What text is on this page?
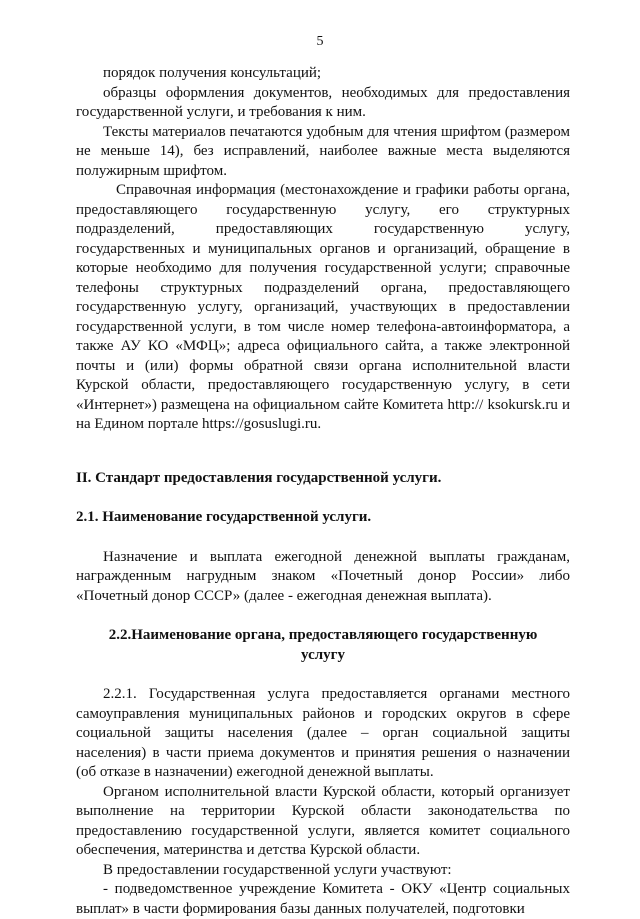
5

порядок получения консультаций;

образцы оформления документов, необходимых для предоставления государственной услуги, и требования к ним.

Тексты материалов печатаются удобным для чтения шрифтом (размером не меньше 14), без исправлений, наиболее важные места выделяются полужирным шрифтом.

Справочная информация (местонахождение и графики работы органа, предоставляющего государственную услугу, его структурных подразделений, предоставляющих государственную услугу, государственных и муниципальных органов и организаций, обращение в которые необходимо для получения государственной услуги; справочные телефоны структурных подразделений органа, предоставляющего государственную услугу, организаций, участвующих в предоставлении государственной услуги, в том числе номер телефона-автоинформатора, а также АУ КО «МФЦ»; адреса официального сайта, а также электронной почты и (или) формы обратной связи органа исполнительной власти Курской области, предоставляющего государственную услугу, в сети «Интернет») размещена на официальном сайте Комитета http:// ksokursk.ru и на Едином портале https://gosuslugi.ru.

II. Стандарт предоставления государственной услуги.

2.1. Наименование государственной услуги.

Назначение и выплата ежегодной денежной выплаты гражданам, награжденным нагрудным знаком «Почетный донор России» либо «Почетный донор СССР» (далее - ежегодная денежная выплата).

2.2.Наименование органа, предоставляющего государственную
услугу

2.2.1. Государственная услуга предоставляется органами местного самоуправления муниципальных районов и городских округов в сфере социальной защиты населения (далее – орган социальной защиты населения) в части приема документов и принятия решения о назначении (об отказе в назначении) ежегодной денежной выплаты.

Органом исполнительной власти Курской области, который организует выполнение на территории Курской области законодательства по предоставлению государственной услуги, является комитет социального обеспечения, материнства и детства Курской области.

В предоставлении государственной услуги участвуют:

- подведомственное учреждение Комитета - ОКУ «Центр социальных выплат» в части формирования базы данных получателей, подготовки
